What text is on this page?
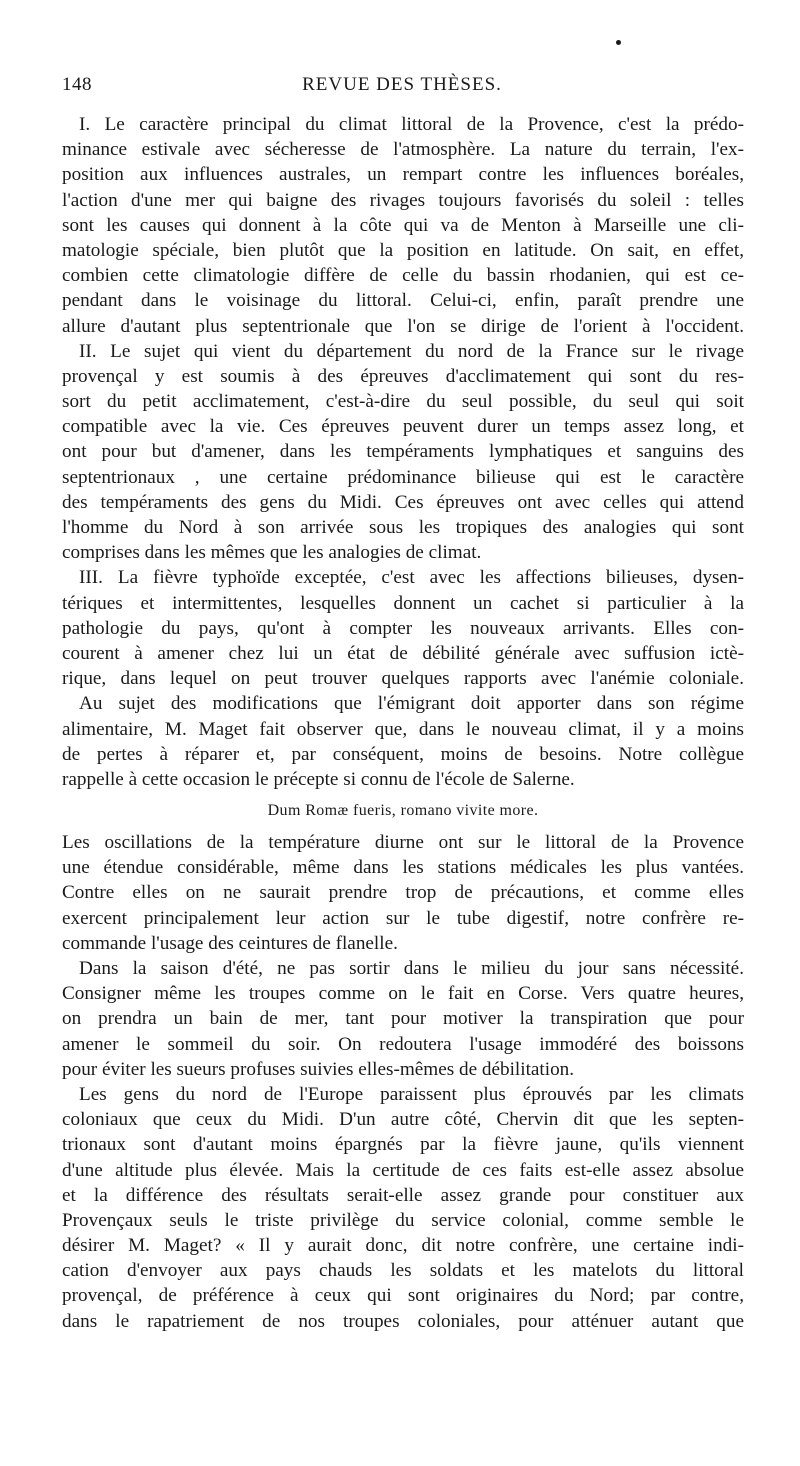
148	REVUE DES THÈSES.
I. Le caractère principal du climat littoral de la Provence, c'est la prédo-
minance estivale avec sécheresse de l'atmosphère. La nature du terrain, l'ex-
position aux influences australes, un rempart contre les influences boréales,
l'action d'une mer qui baigne des rivages toujours favorisés du soleil : telles
sont les causes qui donnent à la côte qui va de Menton à Marseille une cli-
matologie spéciale, bien plutôt que la position en latitude. On sait, en effet,
combien cette climatologie diffère de celle du bassin rhodanien, qui est ce-
pendant dans le voisinage du littoral. Celui-ci, enfin, paraît prendre une
allure d'autant plus septentrionale que l'on se dirige de l'orient à l'occident.
II. Le sujet qui vient du département du nord de la France sur le rivage
provençal y est soumis à des épreuves d'acclimatement qui sont du res-
sort du petit acclimatement, c'est-à-dire du seul possible, du seul qui soit
compatible avec la vie. Ces épreuves peuvent durer un temps assez long, et
ont pour but d'amener, dans les tempéraments lymphatiques et sanguins des
septentrionaux , une certaine prédominance bilieuse qui est le caractère
des tempéraments des gens du Midi. Ces épreuves ont avec celles qui attend
l'homme du Nord à son arrivée sous les tropiques des analogies qui sont
comprises dans les mêmes que les analogies de climat.
III. La fièvre typhoïde exceptée, c'est avec les affections bilieuses, dysen-
tériques et intermittentes, lesquelles donnent un cachet si particulier à la
pathologie du pays, qu'ont à compter les nouveaux arrivants. Elles con-
courent à amener chez lui un état de débilité générale avec suffusion ictè-
rique, dans lequel on peut trouver quelques rapports avec l'anémie coloniale.
Au sujet des modifications que l'émigrant doit apporter dans son régime
alimentaire, M. Maget fait observer que, dans le nouveau climat, il y a moins
de pertes à réparer et, par conséquent, moins de besoins. Notre collègue
rappelle à cette occasion le précepte si connu de l'école de Salerne.
Dum Romæ fueris, romano vivite more.
Les oscillations de la température diurne ont sur le littoral de la Provence
une étendue considérable, même dans les stations médicales les plus vantées.
Contre elles on ne saurait prendre trop de précautions, et comme elles
exercent principalement leur action sur le tube digestif, notre confrère re-
commande l'usage des ceintures de flanelle.
Dans la saison d'été, ne pas sortir dans le milieu du jour sans nécessité.
Consigner même les troupes comme on le fait en Corse. Vers quatre heures,
on prendra un bain de mer, tant pour motiver la transpiration que pour
amener le sommeil du soir. On redoutera l'usage immodéré des boissons
pour éviter les sueurs profuses suivies elles-mêmes de débilitation.
Les gens du nord de l'Europe paraissent plus éprouvés par les climats
coloniaux que ceux du Midi. D'un autre côté, Chervin dit que les septen-
trionaux sont d'autant moins épargnés par la fièvre jaune, qu'ils viennent
d'une altitude plus élevée. Mais la certitude de ces faits est-elle assez absolue
et la différence des résultats serait-elle assez grande pour constituer aux
Provençaux seuls le triste privilège du service colonial, comme semble le
désirer M. Maget? « Il y aurait donc, dit notre confrère, une certaine indi-
cation d'envoyer aux pays chauds les soldats et les matelots du littoral
provençal, de préférence à ceux qui sont originaires du Nord; par contre,
dans le rapatriement de nos troupes coloniales, pour atténuer autant que
